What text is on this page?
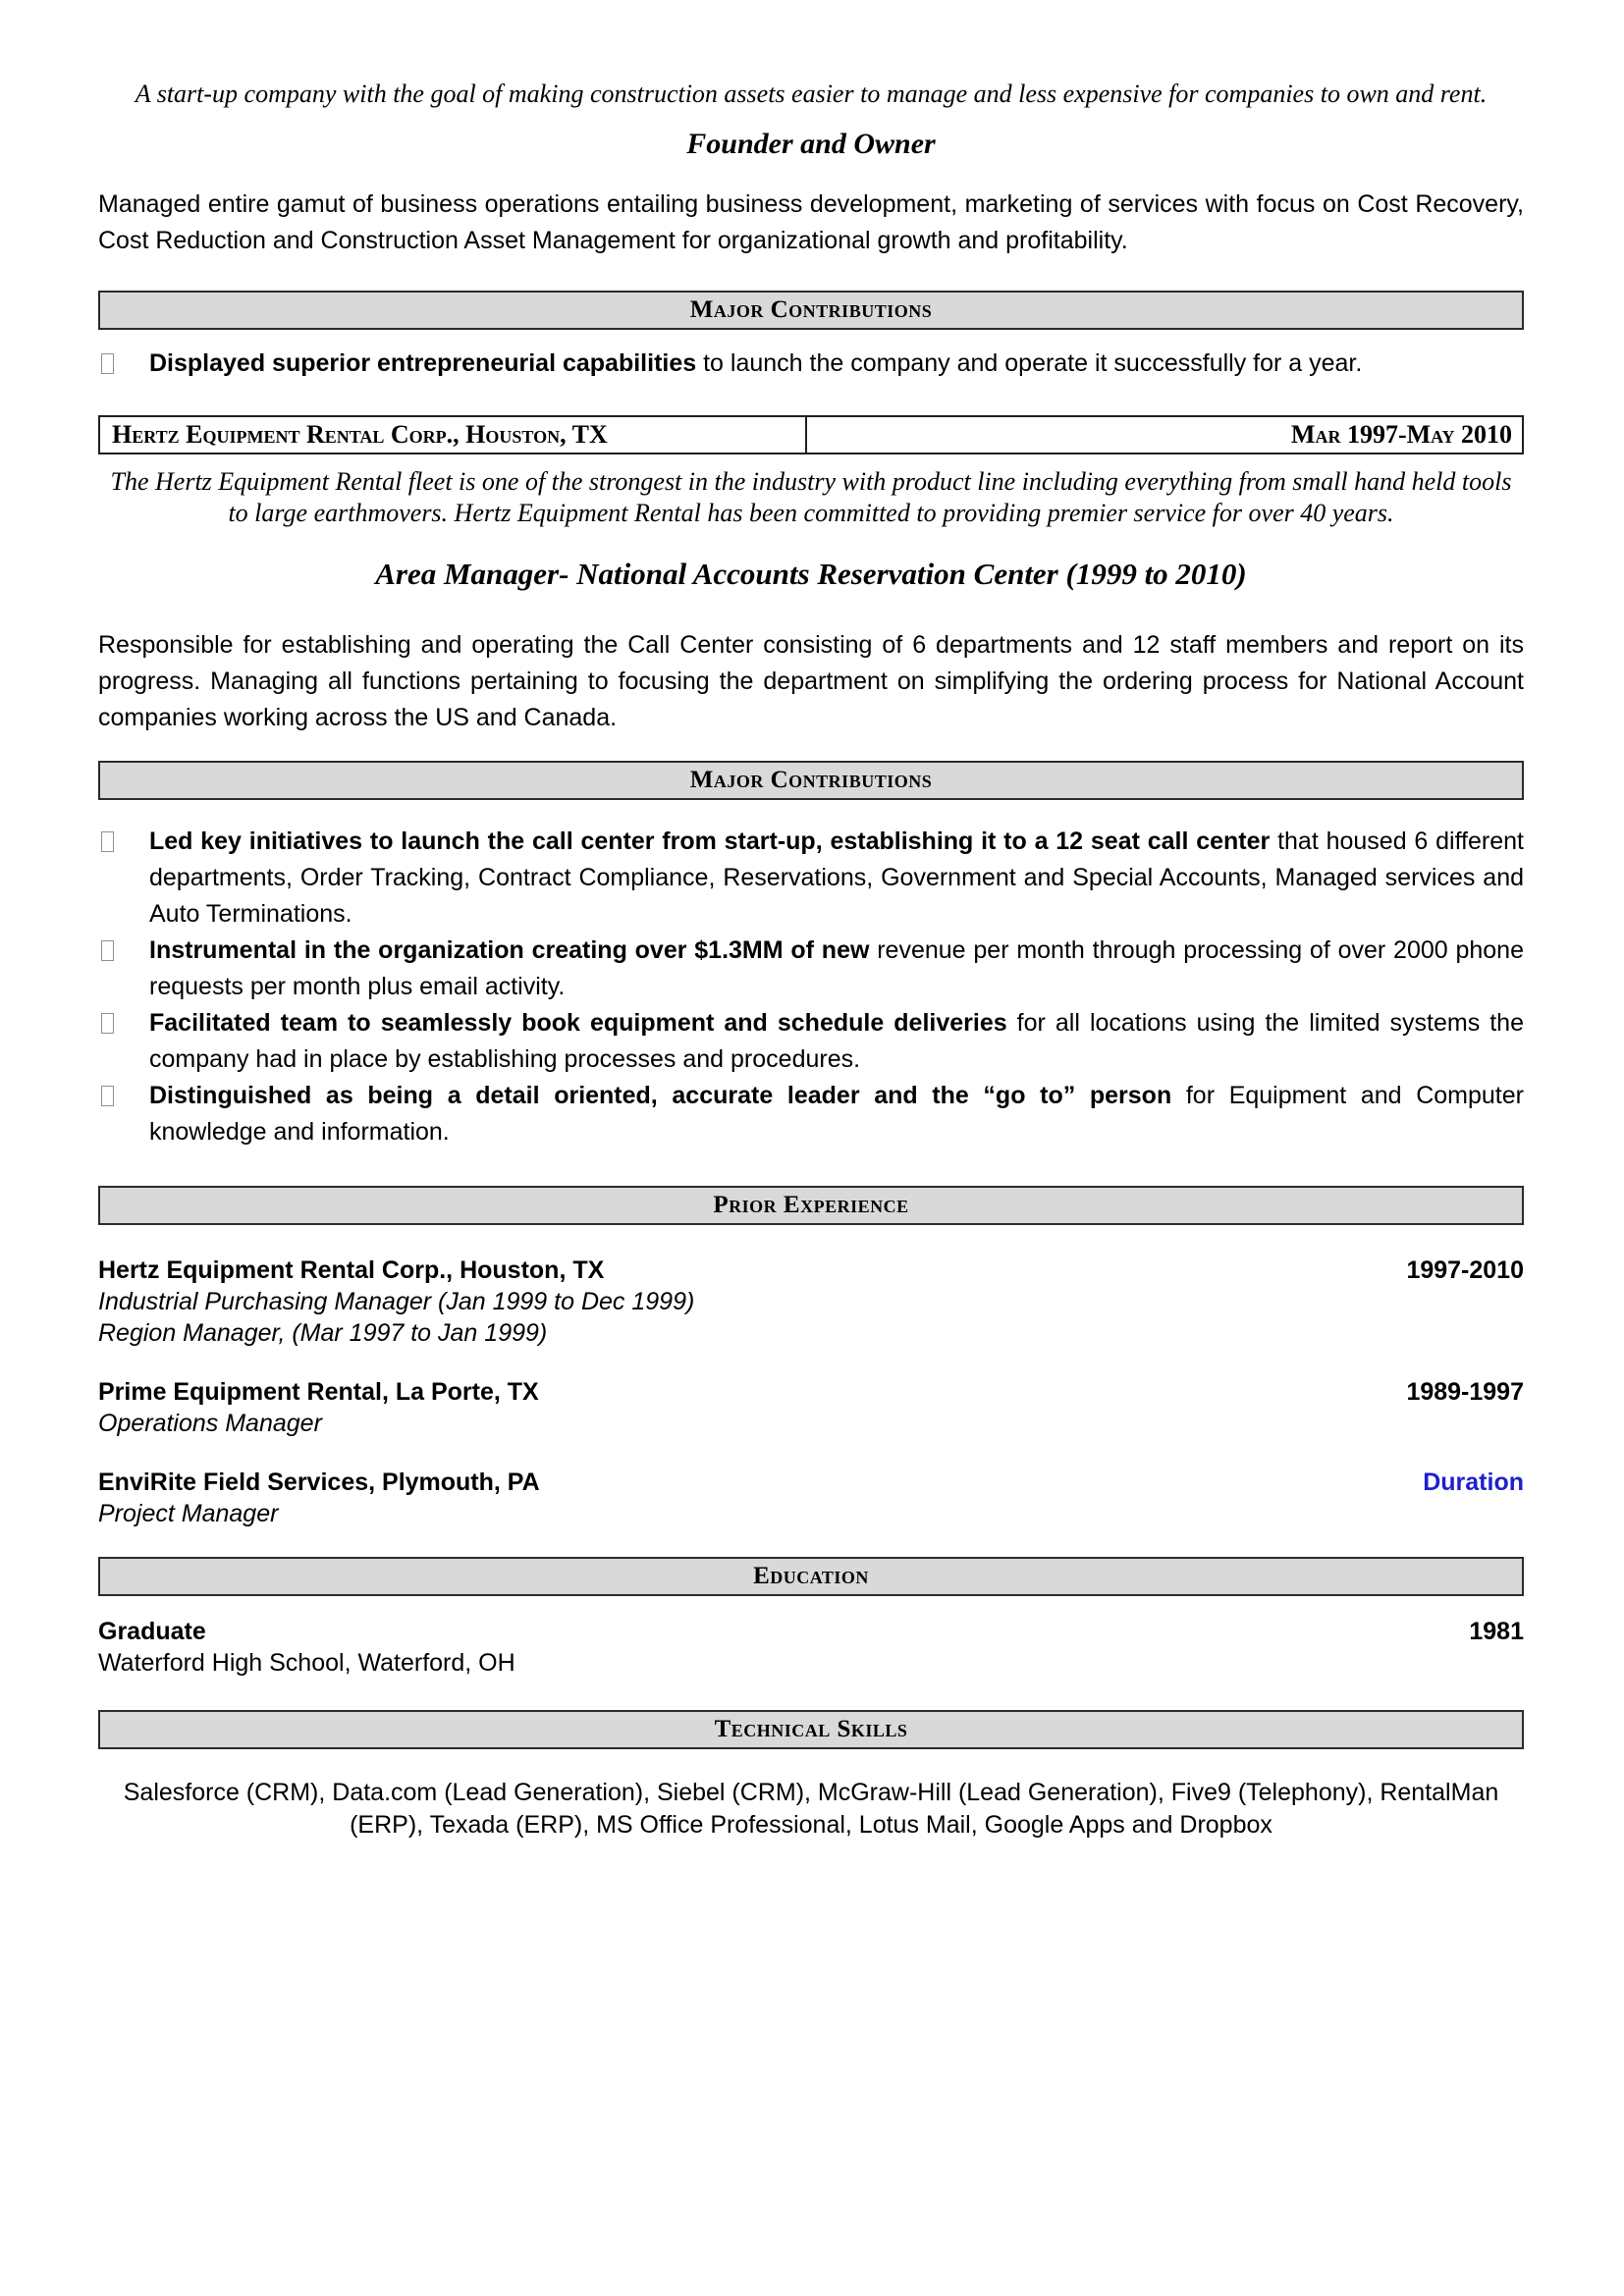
A start-up company with the goal of making construction assets easier to manage and less expensive for companies to own and rent.
Founder and Owner

Managed entire gamut of business operations entailing business development, marketing of services with focus on Cost Recovery, Cost Reduction and Construction Asset Management for organizational growth and profitability.

Major Contributions
Displayed superior entrepreneurial capabilities to launch the company and operate it successfully for a year.
Hertz Equipment Rental Corp., Houston, TX	Mar 1997-May 2010
The Hertz Equipment Rental fleet is one of the strongest in the industry with product line including everything from small hand held tools to large earthmovers. Hertz Equipment Rental has been committed to providing premier service for over 40 years.
Area Manager- National Accounts Reservation Center (1999 to 2010)

Responsible for establishing and operating the Call Center consisting of 6 departments and 12 staff members and report on its progress. Managing all functions pertaining to focusing the department on simplifying the ordering process for National Account companies working across the US and Canada.

Major Contributions
Led key initiatives to launch the call center from start-up, establishing it to a 12 seat call center that housed 6 different departments, Order Tracking, Contract Compliance, Reservations, Government and Special Accounts, Managed services and Auto Terminations.
Instrumental in the organization creating over $1.3MM of new revenue per month through processing of over 2000 phone requests per month plus email activity.
Facilitated team to seamlessly book equipment and schedule deliveries for all locations using the limited systems the company had in place by establishing processes and procedures.
Distinguished as being a detail oriented, accurate leader and the “go to” person for Equipment and Computer knowledge and information.
Prior Experience
Hertz Equipment Rental Corp., Houston, TX	1997-2010
Industrial Purchasing Manager (Jan 1999 to Dec 1999)
Region Manager, (Mar 1997 to Jan 1999)
Prime Equipment Rental, La Porte, TX	1989-1997
Operations Manager
EnviRite Field Services, Plymouth, PA	Duration
Project Manager
Education
Graduate	1981
Waterford High School, Waterford, OH
Technical Skills
Salesforce (CRM), Data.com (Lead Generation), Siebel (CRM), McGraw-Hill (Lead Generation), Five9 (Telephony), RentalMan (ERP), Texada (ERP), MS Office Professional, Lotus Mail, Google Apps and Dropbox
